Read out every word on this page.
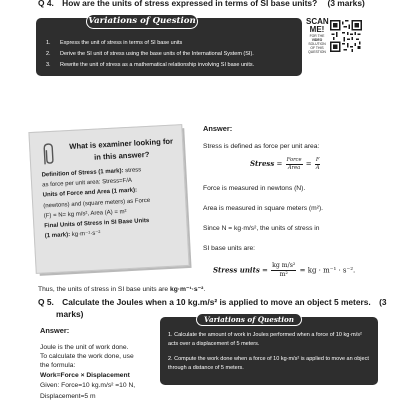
Q 4. How are the units of stress expressed in terms of SI base units? (3 marks)
Variations of Question
1. Express the unit of stress in terms of SI base units
2. Derive the SI unit of stress using the base units of the International System (SI).
3. Rewrite the unit of stress as a mathematical relationship involving SI base units.
SCAN
ME!
FOR THE
VIDEO
SOLUTION
OF THIS
QUESTION
What is examiner looking for
in this answer?
Definition of Stress (1 mark): stress
as force per unit area: Stress=F/A
Units of Force and Area (1 mark):
(newtons) and (square meters) as Force
(F) = N= kg m/s², Area (A) = m²
Final Units of Stress in SI Base Units
(1 mark): kg·m⁻¹·s⁻²
Answer:
Stress is defined as force per unit area:
Stress = $\frac{\text{Force}}{\text{Area}} = \frac{F}{A}$
Force is measured in newtons (N).
Area is measured in square meters (m²).
Since N = kg·m/s², the units of stress in
SI base units are:
Stress units = $\frac{\text{kg m/s²}}{\text{m²}}$ = kg · m⁻¹ · s⁻².
Thus, the units of stress in SI base units are kg·m⁻¹·s⁻².
Q 5. Calculate the Joules when a 10 kg.m/s² is applied to move an object 5 meters. (3
marks)
Answer:
Joule is the unit of work done.
To calculate the work done, use
the formula:
Work=Force × Displacement
Given: Force=10 kg.m/s² =10 N,
Displacement=5 m
Variations of Question
1. Calculate the amount of work in Joules performed when a force of 10 kg·m/s² acts over a displacement of 5 meters.
2. Compute the work done when a force of 10 kg·m/s² is applied to move an object through a distance of 5 meters.
